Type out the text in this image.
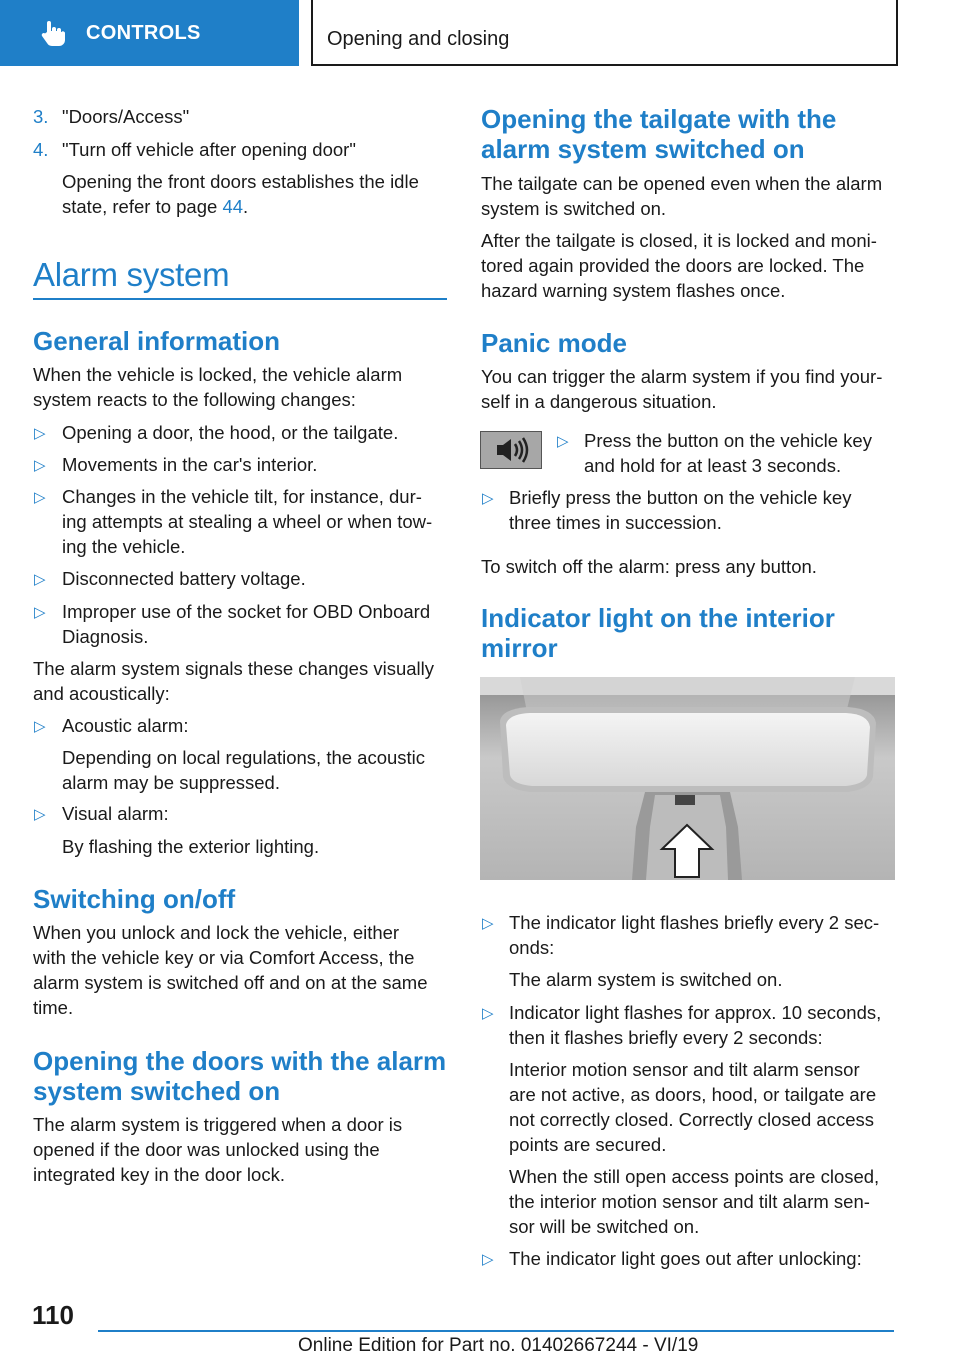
CONTROLS	Opening and closing
3. "Doors/Access"
4. "Turn off vehicle after opening door"
Opening the front doors establishes the idle
state, refer to page 44.
Alarm system
General information
When the vehicle is locked, the vehicle alarm
system reacts to the following changes:
▷ Opening a door, the hood, or the tailgate.
▷ Movements in the car's interior.
▷ Changes in the vehicle tilt, for instance, dur-
ing attempts at stealing a wheel or when tow-
ing the vehicle.
▷ Disconnected battery voltage.
▷ Improper use of the socket for OBD Onboard
Diagnosis.
The alarm system signals these changes visually
and acoustically:
▷ Acoustic alarm:
Depending on local regulations, the acoustic
alarm may be suppressed.
▷ Visual alarm:
By flashing the exterior lighting.
Switching on/off
When you unlock and lock the vehicle, either
with the vehicle key or via Comfort Access, the
alarm system is switched off and on at the same
time.
Opening the doors with the alarm
system switched on
The alarm system is triggered when a door is
opened if the door was unlocked using the
integrated key in the door lock.
Opening the tailgate with the
alarm system switched on
The tailgate can be opened even when the alarm
system is switched on.
After the tailgate is closed, it is locked and moni-
tored again provided the doors are locked. The
hazard warning system flashes once.
Panic mode
You can trigger the alarm system if you find your-
self in a dangerous situation.
▷ Press the button on the vehicle key
and hold for at least 3 seconds.
▷ Briefly press the button on the vehicle key
three times in succession.
To switch off the alarm: press any button.
Indicator light on the interior
mirror
▷ The indicator light flashes briefly every 2 sec-
onds:
The alarm system is switched on.
▷ Indicator light flashes for approx. 10 seconds,
then it flashes briefly every 2 seconds:
Interior motion sensor and tilt alarm sensor
are not active, as doors, hood, or tailgate are
not correctly closed. Correctly closed access
points are secured.
When the still open access points are closed,
the interior motion sensor and tilt alarm sen-
sor will be switched on.
▷ The indicator light goes out after unlocking:
110
Online Edition for Part no. 01402667244 - VI/19
